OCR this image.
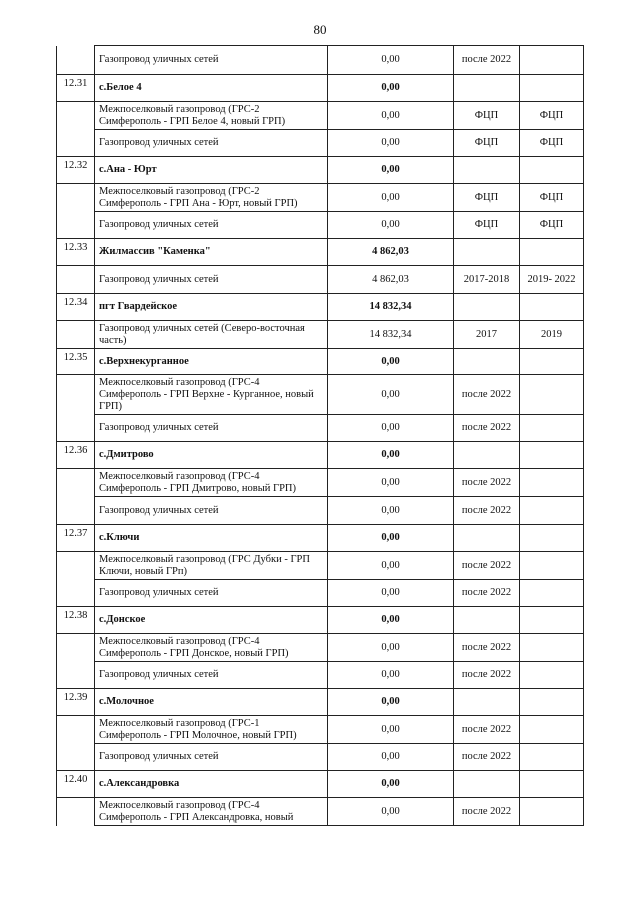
80
	Газопровод уличных сетей	0,00	после 2022	
12.31	с.Белое 4	0,00		
	Межпоселковый газопровод (ГРС-2 Симферополь - ГРП Белое 4, новый ГРП)	0,00	ФЦП	ФЦП
	Газопровод уличных сетей	0,00	ФЦП	ФЦП
12.32	с.Ана - Юрт	0,00		
	Межпоселковый газопровод (ГРС-2 Симферополь - ГРП Ана - Юрт, новый ГРП)	0,00	ФЦП	ФЦП
	Газопровод уличных сетей	0,00	ФЦП	ФЦП
12.33	Жилмассив "Каменка"	4 862,03		
	Газопровод уличных сетей	4 862,03	2017-2018	2019- 2022
12.34	пгт Гвардейское	14 832,34		
	Газопровод уличных сетей (Северо-восточная часть)	14 832,34	2017	2019
12.35	с.Верхнекурганное	0,00		
	Межпоселковый газопровод (ГРС-4 Симферополь - ГРП Верхне - Курганное, новый ГРП)	0,00	после 2022	
	Газопровод уличных сетей	0,00	после 2022	
12.36	с.Дмитрово	0,00		
	Межпоселковый газопровод (ГРС-4 Симферополь - ГРП Дмитрово, новый ГРП)	0,00	после 2022	
	Газопровод уличных сетей	0,00	после 2022	
12.37	с.Ключи	0,00		
	Межпоселковый газопровод (ГРС Дубки - ГРП Ключи, новый ГРп)	0,00	после 2022	
	Газопровод уличных сетей	0,00	после 2022	
12.38	с.Донское	0,00		
	Межпоселковый газопровод (ГРС-4 Симферополь - ГРП Донское, новый ГРП)	0,00	после 2022	
	Газопровод уличных сетей	0,00	после 2022	
12.39	с.Молочное	0,00		
	Межпоселковый газопровод (ГРС-1 Симферополь - ГРП Молочное, новый ГРП)	0,00	после 2022	
	Газопровод уличных сетей	0,00	после 2022	
12.40	с.Александровка	0,00		
	Межпоселковый газопровод (ГРС-4 Симферополь - ГРП Александровка, новый	0,00	после 2022	
